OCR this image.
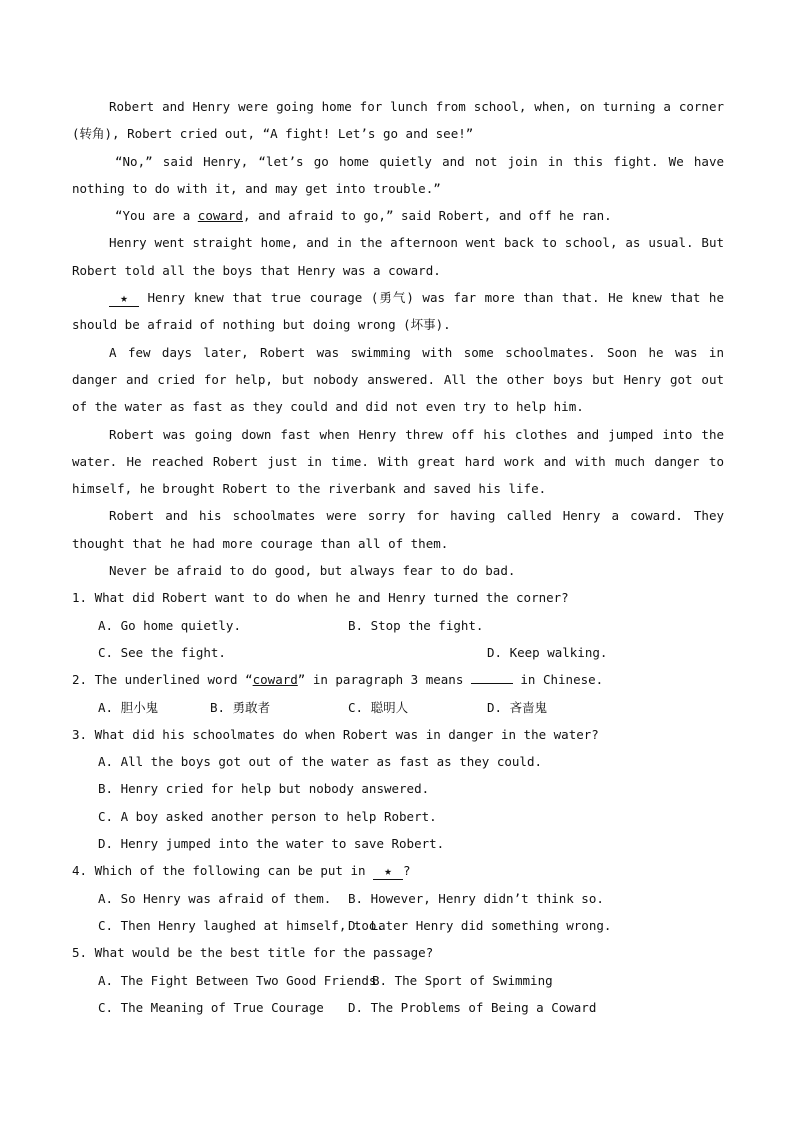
Robert and Henry were going home for lunch from school, when, on turning a corner (转角), Robert cried out, “A fight! Let’s go and see!”

“No,” said Henry, “let’s go home quietly and not join in this fight. We have nothing to do with it, and may get into trouble.”

“You are a coward, and afraid to go,” said Robert, and off he ran.

Henry went straight home, and in the afternoon went back to school, as usual. But Robert told all the boys that Henry was a coward.

★ Henry knew that true courage (勇气) was far more than that. He knew that he should be afraid of nothing but doing wrong (坏事).

A few days later, Robert was swimming with some schoolmates. Soon he was in danger and cried for help, but nobody answered. All the other boys but Henry got out of the water as fast as they could and did not even try to help him.

Robert was going down fast when Henry threw off his clothes and jumped into the water. He reached Robert just in time. With great hard work and with much danger to himself, he brought Robert to the riverbank and saved his life.

Robert and his schoolmates were sorry for having called Henry a coward. They thought that he had more courage than all of them.

Never be afraid to do good, but always fear to do bad.

1. What did Robert want to do when he and Henry turned the corner?

A. Go home quietly.	B. Stop the fight.
C. See the fight.	D. Keep walking.

2. The underlined word “coward” in paragraph 3 means	in Chinese.

A. 胆小鬼	B. 勇敢者	C. 聪明人	D. 吝啬鬼

3. What did his schoolmates do when Robert was in danger in the water?

A. All the boys got out of the water as fast as they could.
B. Henry cried for help but nobody answered.
C. A boy asked another person to help Robert.
D. Henry jumped into the water to save Robert.

4. Which of the following can be put in ★ ?

A. So Henry was afraid of them. B. However, Henry didn’t think so.
C. Then Henry laughed at himself, too.
D. Later Henry did something wrong.

5. What would be the best title for the passage?

A. The Fight Between Two Good Friends
B. The Sport of Swimming
C. The Meaning of True Courage D. The Problems of Being a Coward
